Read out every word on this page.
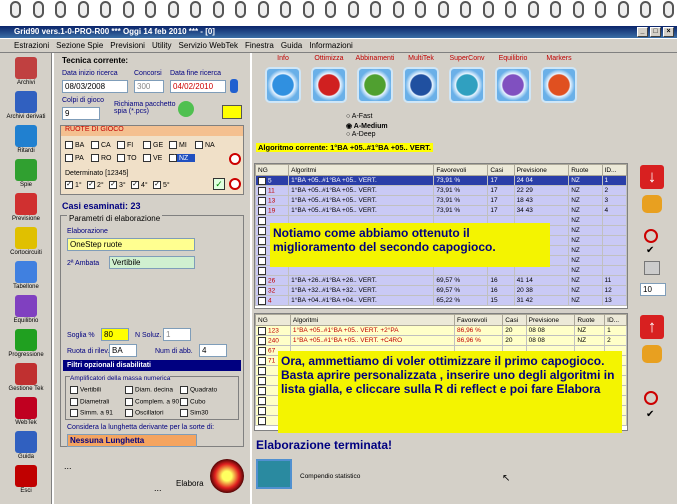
Grid90 vers.1-0-PRO-R00 *** Oggi 14 feb 2010 *** - [0]	_	□	×
Estrazioni Sezione Spie Previsioni Utility Servizio WebTek Finestra Guida Informazioni
Archivi
Archivi derivati
Ritardi
Spie
Previsione
Cortocircuiti
Tabellone
Equilibrio
Progressione
Gestione Tek
WebTek
Guida
Esci
Tecnica corrente:
Data inizio ricerca
08/03/2008
Concorsi
300
Data fine ricerca
04/02/2010
Colpi di gioco
9
Richiama pacchetto spia (*.pcs)
RUOTE DI GIOCO
BA CA FI	GE MI	NAPA RO TO VE ✓ NZ
Determinato [12345]
✓ 1° ✓ 2° ✓ 3° ✓ 4° ✓ 5°	✓
Casi esaminati: 23
Parametri di elaborazione
Elaborazione
OneStep ruote
2ª Ambata	Vertibile
Soglia %	80	N Soluz. 1
Ruota di rilev. BA	Num di abb.	4
Filtri opzionali disabilitati
Amplificatori della massa numerica
Vertibili	Diam. decina	QuadratoDiametrali	Complem. a 90 CuboSimm. a 91	Oscillatori	Sim30
Considera la lunghetta derivante per la sorte di:
Nessuna Lunghetta
...
... Elabora
Info	Ottimizza	Abbinamenti	MultiTek	SuperConv	Equilibrio	Markers
○ A-Fast
◉ A-Medium
○ A-Deep
Algoritmo corrente: 1°BA +05..#1°BA +05.. VERT.
NG	Algoritmi	Favorevoli	Casi	Previsione	Ruote	ID...
5	1°BA +05..#1°BA +05.. VERT.	73,91 %	17	24 04	NZ	1
11	1°BA +05..#1°BA +05.. VERT.	73,91 %	17	22 29	NZ	2
13	1°BA +05..#1°BA +05.. VERT.	73,91 %	17	18 43	NZ	3
19	1°BA +05..#1°BA +05.. VERT.	73,91 %	17	34 43	NZ	4
					NZ	
					NZ	
					NZ	
					NZ	
					NZ	
					NZ	
26	1°BA +26..#1°BA +26.. VERT.	69,57 %	16	41 14	NZ	11
32	1°BA +32..#1°BA +32.. VERT.	69,57 %	16	20 38	NZ	12
4	1°BA +04..#1°BA +04.. VERT.	65,22 %	15	31 42	NZ	13
NG	Algoritmi	Favorevoli	Casi	Previsione	Ruote	ID...
123	1°BA +05..#1°BA +05.. VERT. +2°PA	86,96 %	20	08 08	NZ	1
240	1°BA +05..#1°BA +05.. VERT. +C4RO	86,96 %	20	08 08	NZ	2
67						
71						

Notiamo come abbiamo ottenuto il miglioramento del secondo capogioco.
Ora, ammettiamo di voler ottimizzare il primo capogioco. Basta aprire personalizzata , inserire uno degli algoritmi in lista gialla, e cliccare sulla R di reflect e poi fare Elabora
Elaborazione terminata!
Compendio statistico	↖
↓
✔
10
↑
✔
